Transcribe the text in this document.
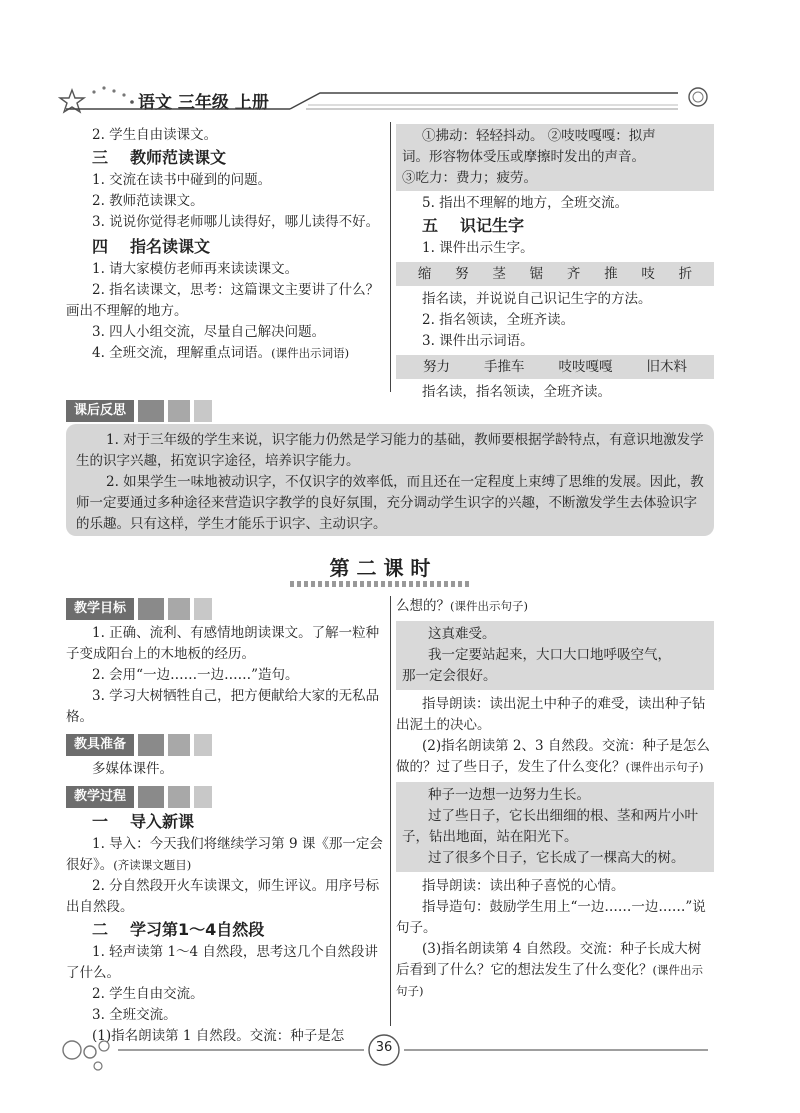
语文 三年级 上册

2. 学生自由读课文。

三 教师范读课文

1. 交流在读书中碰到的问题。

2. 教师范读课文。

3. 说说你觉得老师哪儿读得好，哪儿读得不好。

四 指名读课文

1. 请大家模仿老师再来读读课文。

2. 指名读课文，思考：这篇课文主要讲了什么？画出不理解的地方。

3. 四人小组交流，尽量自己解决问题。

4. 全班交流，理解重点词语。(课件出示词语)

①拂动：轻轻抖动。 ②吱吱嘎嘎：拟声

词。形容物体受压或摩擦时发出的声音。

③吃力：费力；疲劳。

5. 指出不理解的地方，全班交流。

五 识记生字

1. 课件出示生字。

缩 努 茎 锯 齐 推 吱 折

指名读，并说说自己识记生字的方法。

2. 指名领读，全班齐读。

3. 课件出示词语。

努力	手推车	吱吱嘎嘎	旧木料

指名读，指名领读，全班齐读。

课后反思

1. 对于三年级的学生来说，识字能力仍然是学习能力的基础，教师要根据学龄特点，有意识地激发学生的识字兴趣，拓宽识字途径，培养识字能力。

2. 如果学生一味地被动识字，不仅识字的效率低，而且还在一定程度上束缚了思维的发展。因此，教师一定要通过多种途径来营造识字教学的良好氛围，充分调动学生识字的兴趣，不断激发学生去体验识字的乐趣。只有这样，学生才能乐于识字、主动识字。

第 二 课 时
教学目标

1. 正确、流利、有感情地朗读课文。了解一粒种子变成阳台上的木地板的经历。

2. 会用“一边……一边……”造句。

3. 学习大树牺牲自己，把方便献给大家的无私品格。

教具准备

多媒体课件。

教学过程

一 导入新课

1. 导入：今天我们将继续学习第 9 课《那一定会很好》。(齐读课文题目)

2. 分自然段开火车读课文，师生评议。用序号标出自然段。

二 学习第1～4自然段

1. 轻声读第 1～4 自然段，思考这几个自然段讲了什么。

2. 学生自由交流。

3. 全班交流。

(1)指名朗读第 1 自然段。交流：种子是怎

么想的？(课件出示句子)

这真难受。

我一定要站起来，大口大口地呼吸空气，

那一定会很好。

指导朗读：读出泥土中种子的难受，读出种子钻出泥土的决心。

(2)指名朗读第 2、3 自然段。交流：种子是怎么做的？过了些日子，发生了什么变化？(课件出示句子)

种子一边想一边努力生长。

过了些日子，它长出细细的根、茎和两片小叶子，钻出地面，站在阳光下。

过了很多个日子，它长成了一棵高大的树。

指导朗读：读出种子喜悦的心情。

指导造句：鼓励学生用上“一边……一边……”说句子。

(3)指名朗读第 4 自然段。交流：种子长成大树后看到了什么？它的想法发生了什么变化？(课件出示句子)

36
